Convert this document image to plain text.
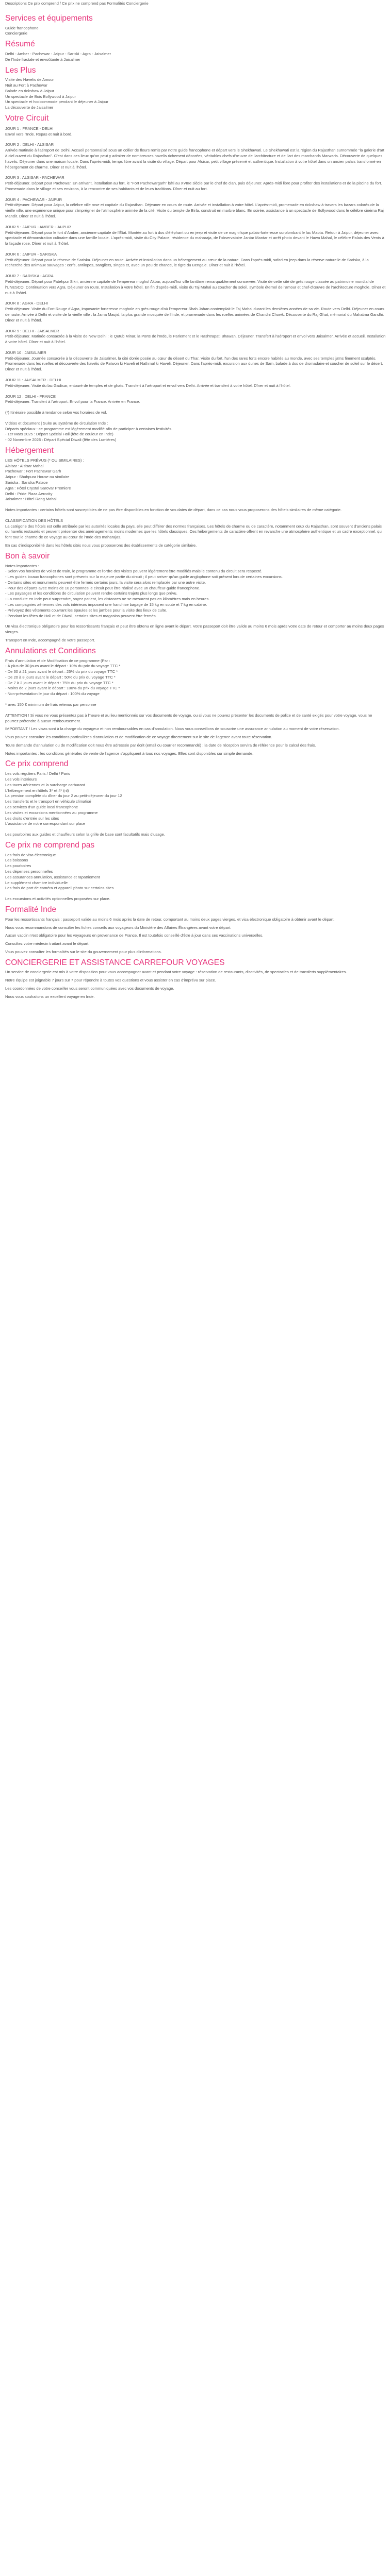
Descriptions Ce prix comprend / Ce prix ne comprend pas Formalités Conciergerie

Services et équipements
Guide francophone
Conciergerie
Résumé

Delhi - Amber - Pachewar - Jaipur - Sariski - Agra - Jaisalmer

De l'Inde fractale et envoûtante à Jaisalmer

Les Plus
Visite des Havelis de Amour
Nuit au Fort à Pachewar
Balade en rickshaw à Jaipur
Un spectacle de Bois Bollywood à Jaipur
Un spectacle et hoc'commode pendant le déjeuner à Jaipur
La découverte de Jaisalmer
Votre Circuit

JOUR 1 : FRANCE - DELHI

Envol vers l'Inde. Repas et nuit à bord.

JOUR 2 : DELHI - ALSISAR

Arrivée matinale à l'aéroport de Delhi. Accueil personnalisé sous un collier de fleurs remis par notre guide francophone et départ vers le Shekhawati. Le Shekhawati est la région du Rajasthan surnommée "la galerie d'art à ciel ouvert du Rajasthan". C'est dans ces lieux qu'on peut y admirer de nombreuses havelis richement décorées, véritables chefs-d'œuvre de l'architecture et de l'art des marchands Marwaris. Découverte de quelques havelis. Déjeuner dans une maison locale. Dans l'après-midi, temps libre avant la visite du village. Départ pour Alsisar, petit village préservé et authentique. Installation à votre hôtel dans un ancien palais transformé en hébergement de charme. Dîner et nuit à l'hôtel.

JOUR 3 : ALSISAR - PACHEWAR

Petit-déjeuner. Départ pour Pachewar. En arrivant, installation au fort, le "Fort Pachewargarh" bâti au XVIIIe siècle par le chef de clan, puis déjeuner. Après-midi libre pour profiter des installations et de la piscine du fort. Promenade dans le village et ses environs, à la rencontre de ses habitants et de leurs traditions. Dîner et nuit au fort.

JOUR 4 : PACHEWAR - JAIPUR

Petit-déjeuner. Départ pour Jaipur, la célèbre ville rose et capitale du Rajasthan. Déjeuner en cours de route. Arrivée et installation à votre hôtel. L'après-midi, promenade en rickshaw à travers les bazars colorés de la vieille ville, une expérience unique pour s'imprégner de l'atmosphère animée de la cité. Visite du temple de Birla, construit en marbre blanc. En soirée, assistance à un spectacle de Bollywood dans le célèbre cinéma Raj Mandir. Dîner et nuit à l'hôtel.

JOUR 5 : JAIPUR - AMBER - JAIPUR

Petit-déjeuner. Départ pour le fort d'Amber, ancienne capitale de l'État. Montée au fort à dos d'éléphant ou en jeep et visite de ce magnifique palais-forteresse surplombant le lac Maota. Retour à Jaipur, déjeuner avec spectacle et démonstration culinaire dans une famille locale. L'après-midi, visite du City Palace, résidence du maharaja, de l'observatoire Jantar Mantar et arrêt photo devant le Hawa Mahal, le célèbre Palais des Vents à la façade rose. Dîner et nuit à l'hôtel.

JOUR 6 : JAIPUR - SARISKA

Petit-déjeuner. Départ pour la réserve de Sariska. Déjeuner en route. Arrivée et installation dans un hébergement au cœur de la nature. Dans l'après-midi, safari en jeep dans la réserve naturelle de Sariska, à la recherche des animaux sauvages : cerfs, antilopes, sangliers, singes et, avec un peu de chance, le tigre du Bengale. Dîner et nuit à l'hôtel.

JOUR 7 : SARISKA - AGRA

Petit-déjeuner. Départ pour Fatehpur Sikri, ancienne capitale de l'empereur moghol Akbar, aujourd'hui ville fantôme remarquablement conservée. Visite de cette cité de grès rouge classée au patrimoine mondial de l'UNESCO. Continuation vers Agra. Déjeuner en route. Installation à votre hôtel. En fin d'après-midi, visite du Taj Mahal au coucher du soleil, symbole éternel de l'amour et chef-d'œuvre de l'architecture moghole. Dîner et nuit à l'hôtel.

JOUR 8 : AGRA - DELHI

Petit-déjeuner. Visite du Fort Rouge d'Agra, imposante forteresse moghole en grès rouge d'où l'empereur Shah Jahan contemplait le Taj Mahal durant les dernières années de sa vie. Route vers Delhi. Déjeuner en cours de route. Arrivée à Delhi et visite de la vieille ville : la Jama Masjid, la plus grande mosquée de l'Inde, et promenade dans les ruelles animées de Chandni Chowk. Découverte du Raj Ghat, mémorial du Mahatma Gandhi. Dîner et nuit à l'hôtel.

JOUR 9 : DELHI - JAISALMER

Petit-déjeuner. Matinée consacrée à la visite de New Delhi : le Qutub Minar, la Porte de l'Inde, le Parlement et le Rashtrapati Bhawan. Déjeuner. Transfert à l'aéroport et envol vers Jaisalmer. Arrivée et accueil. Installation à votre hôtel. Dîner et nuit à l'hôtel.

JOUR 10 : JAISALMER

Petit-déjeuner. Journée consacrée à la découverte de Jaisalmer, la cité dorée posée au cœur du désert du Thar. Visite du fort, l'un des rares forts encore habités au monde, avec ses temples jaïns finement sculptés. Promenade dans les ruelles et découverte des havelis de Patwon ki Haveli et Nathmal ki Haveli. Déjeuner. Dans l'après-midi, excursion aux dunes de Sam, balade à dos de dromadaire et coucher de soleil sur le désert. Dîner et nuit à l'hôtel.

JOUR 11 : JAISALMER - DELHI

Petit-déjeuner. Visite du lac Gadisar, entouré de temples et de ghats. Transfert à l'aéroport et envol vers Delhi. Arrivée et transfert à votre hôtel. Dîner et nuit à l'hôtel.

JOUR 12 : DELHI - FRANCE

Petit-déjeuner. Transfert à l'aéroport. Envol pour la France. Arrivée en France.

(*) Itinéraire possible à tendance selon vos horaires de vol.

Vidéos et document | Suite au système de circulation Inde :

Départs spéciaux : ce programme est légèrement modifié afin de participer à certaines festivités.

- 1er Mars 2025 : Départ Spécial Holi (fête de couleur en Inde)

- 02 Novembre 2026 : Départ Spécial Diwali (fête des Lumières)

Hébergement

LES HÔTELS PRÉVUS (* OU SIMILAIRES) :

Alsisar : Alsisar Mahal
Pachewar : Fort Pachewar Garh
Jaipur : Shahpura House ou similaire
Sariska : Sariska Palace
Agra : Hôtel Crystal Sarovar Premiere
Delhi : Pride Plaza Aerocity
Jaisalmer : Hôtel Rang Mahal

Notes importantes : certains hôtels sont susceptibles de ne pas être disponibles en fonction de vos dates de départ, dans ce cas nous vous proposerons des hôtels similaires de même catégorie.

CLASSIFICATION DES HÔTELS

La catégorie des hôtels est celle attribuée par les autorités locales du pays, elle peut différer des normes françaises. Les hôtels de charme ou de caractère, notamment ceux du Rajasthan, sont souvent d'anciens palais ou havelis restaurés et peuvent présenter des aménagements moins modernes que les hôtels classiques. Ces hébergements de caractère offrent en revanche une atmosphère authentique et un cadre exceptionnel, qui font tout le charme de ce voyage au cœur de l'Inde des maharajas.

En cas d'indisponibilité dans les hôtels cités nous vous proposerons des établissements de catégorie similaire.

Bon à savoir

Notes importantes :

- Selon vos horaires de vol et de train, le programme et l'ordre des visites peuvent légèrement être modifiés mais le contenu du circuit sera respecté.

- Les guides locaux francophones sont présents sur la majeure partie du circuit ; il peut arriver qu'un guide anglophone soit présent lors de certaines excursions.

- Certains sites et monuments peuvent être fermés certains jours, la visite sera alors remplacée par une autre visite.

- Pour des départs avec moins de 10 personnes le circuit peut être réalisé avec un chauffeur-guide francophone.

- Les paysages et les conditions de circulation peuvent rendre certains trajets plus longs que prévu.

- La conduite en Inde peut surprendre, soyez patient, les distances ne se mesurent pas en kilomètres mais en heures.

- Les compagnies aériennes des vols intérieurs imposent une franchise bagage de 15 kg en soute et 7 kg en cabine.

- Prévoyez des vêtements couvrant les épaules et les jambes pour la visite des lieux de culte.

- Pendant les fêtes de Holi et de Diwali, certains sites et magasins peuvent être fermés.

Un visa électronique obligatoire pour les ressortissants français et peut être obtenu en ligne avant le départ. Votre passeport doit être valide au moins 6 mois après votre date de retour et comporter au moins deux pages vierges.

Transport en Inde, accompagné de votre passeport.

Annulations et Conditions

Frais d'annulation et de Modification de ce programme (Par :

- À plus de 30 jours avant le départ : 10% du prix du voyage TTC *

- De 30 à 21 jours avant le départ : 25% du prix du voyage TTC *

- De 20 à 8 jours avant le départ : 50% du prix du voyage TTC *

- De 7 à 2 jours avant le départ : 75% du prix du voyage TTC *

- Moins de 2 jours avant le départ : 100% du prix du voyage TTC *

- Non-présentation le jour du départ : 100% du voyage

* avec 150 € minimum de frais retenus par personne

ATTENTION ! Si vous ne vous présentez pas à l'heure et au lieu mentionnés sur vos documents de voyage, ou si vous ne pouvez présenter les documents de police et de santé exigés pour votre voyage, vous ne pourrez prétendre à aucun remboursement.

IMPORTANT ! Les visas sont à la charge du voyageur et non remboursables en cas d'annulation. Nous vous conseillons de souscrire une assurance annulation au moment de votre réservation.

Vous pouvez consulter les conditions particulières d'annulation et de modification de ce voyage directement sur le site de l'agence avant toute réservation.

Toute demande d'annulation ou de modification doit nous être adressée par écrit (email ou courrier recommandé) ; la date de réception servira de référence pour le calcul des frais.

Notes importantes : les conditions générales de vente de l'agence s'appliquent à tous nos voyages. Elles sont disponibles sur simple demande.

Ce prix comprend
Les vols réguliers Paris / Delhi / Paris
Les vols intérieurs
Les taxes aériennes et la surcharge carburant
L'hébergement en hôtels 3* et 4* (nl)
La pension complète du dîner du jour 2 au petit-déjeuner du jour 12
Les transferts et le transport en véhicule climatisé
Les services d'un guide local francophone
Les visites et excursions mentionnées au programme
Les droits d'entrée sur les sites
L'assistance de notre correspondant sur place

Les pourboires aux guides et chauffeurs selon la grille de base sont facultatifs mais d'usage.

Ce prix ne comprend pas
Les frais de visa électronique
Les boissons
Les pourboires
Les dépenses personnelles
Les assurances annulation, assistance et rapatriement
Le supplément chambre individuelle
Les frais de port de caméra et appareil photo sur certains sites

Les excursions et activités optionnelles proposées sur place.

Formalité Inde

Pour les ressortissants français : passeport valide au moins 6 mois après la date de retour, comportant au moins deux pages vierges, et visa électronique obligatoire à obtenir avant le départ.

Nous vous recommandons de consulter les fiches conseils aux voyageurs du Ministère des Affaires Étrangères avant votre départ.

Aucun vaccin n'est obligatoire pour les voyageurs en provenance de France. Il est toutefois conseillé d'être à jour dans ses vaccinations universelles.

Consultez votre médecin traitant avant le départ.

Vous pouvez consulter les formalités sur le site du gouvernement pour plus d'informations.

CONCIERGERIE ET ASSISTANCE CARREFOUR VOYAGES

Un service de conciergerie est mis à votre disposition pour vous accompagner avant et pendant votre voyage : réservation de restaurants, d'activités, de spectacles et de transferts supplémentaires.

Notre équipe est joignable 7 jours sur 7 pour répondre à toutes vos questions et vous assister en cas d'imprévu sur place.

Les coordonnées de votre conseiller vous seront communiquées avec vos documents de voyage.

Nous vous souhaitons un excellent voyage en Inde.
